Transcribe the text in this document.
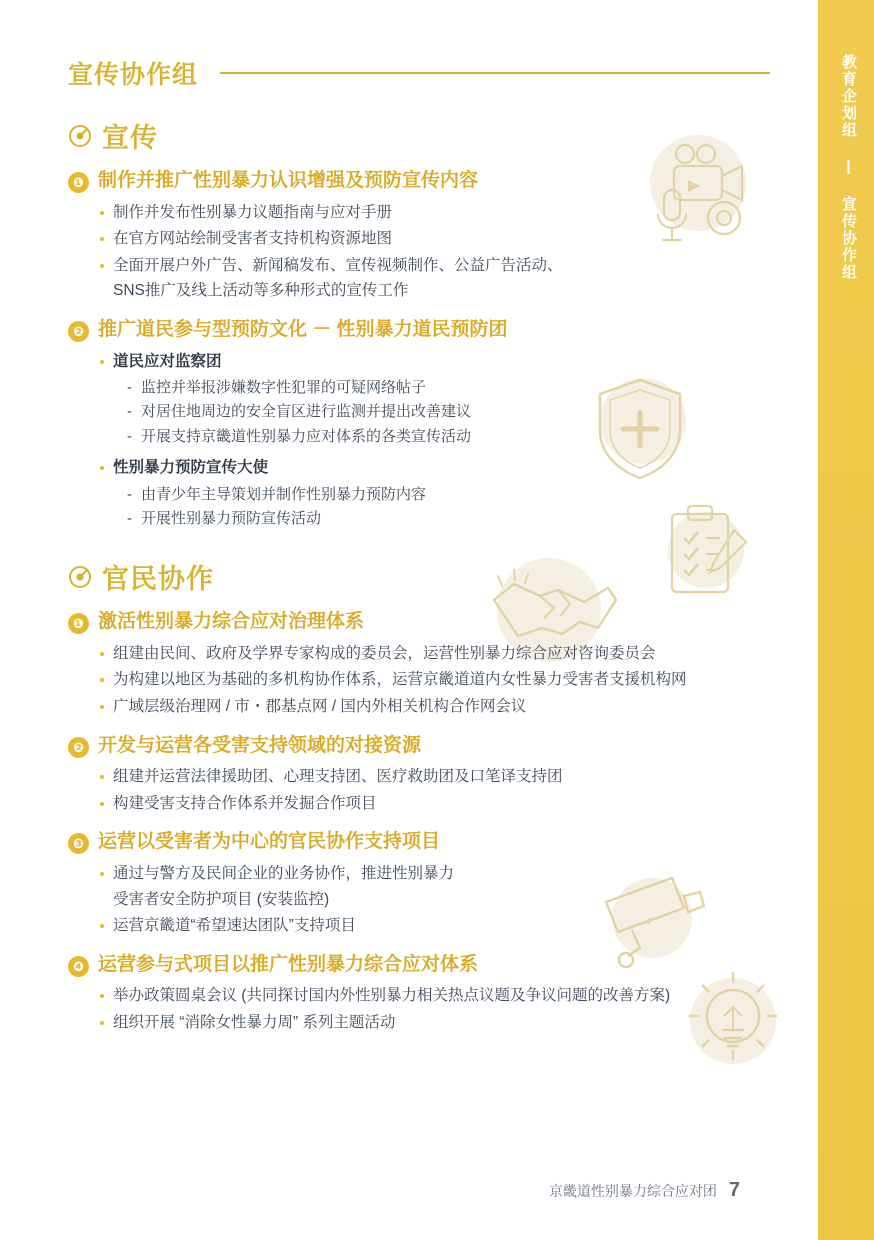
教育企划组 | 宣传协作组
宣传协作组
宣传
❶ 制作并推广性别暴力认识增强及预防宣传内容
制作并发布性别暴力议题指南与应对手册
在官方网站绘制受害者支持机构资源地图
全面开展户外广告、新闻稿发布、宣传视频制作、公益广告活动、
SNS推广及线上活动等多种形式的宣传工作
❷ 推广道民参与型预防文化 － 性别暴力道民预防团
道民应对监察团
- 监控并举报涉嫌数字性犯罪的可疑网络帖子
- 对居住地周边的安全盲区进行监测并提出改善建议
- 开展支持京畿道性别暴力应对体系的各类宣传活动
性别暴力预防宣传大使
- 由青少年主导策划并制作性别暴力预防内容
- 开展性别暴力预防宣传活动
官民协作
❶ 激活性别暴力综合应对治理体系
组建由民间、政府及学界专家构成的委员会，运营性别暴力综合应对咨询委员会
为构建以地区为基础的多机构协作体系，运营京畿道道内女性暴力受害者支援机构网
广域层级治理网 / 市・郡基点网 / 国内外相关机构合作网会议
❷ 开发与运营各受害支持领域的对接资源
组建并运营法律援助团、心理支持团、医疗救助团及口笔译支持团
构建受害支持合作体系并发掘合作项目
❸ 运营以受害者为中心的官民协作支持项目
通过与警方及民间企业的业务协作，推进性别暴力
受害者安全防护项目 (安装监控)
运营京畿道“希望速达团队”支持项目
❹ 运营参与式项目以推广性别暴力综合应对体系
举办政策圆桌会议 (共同探讨国内外性别暴力相关热点议题及争议问题的改善方案)
组织开展 “消除女性暴力周” 系列主题活动
京畿道性别暴力综合应对团 7
